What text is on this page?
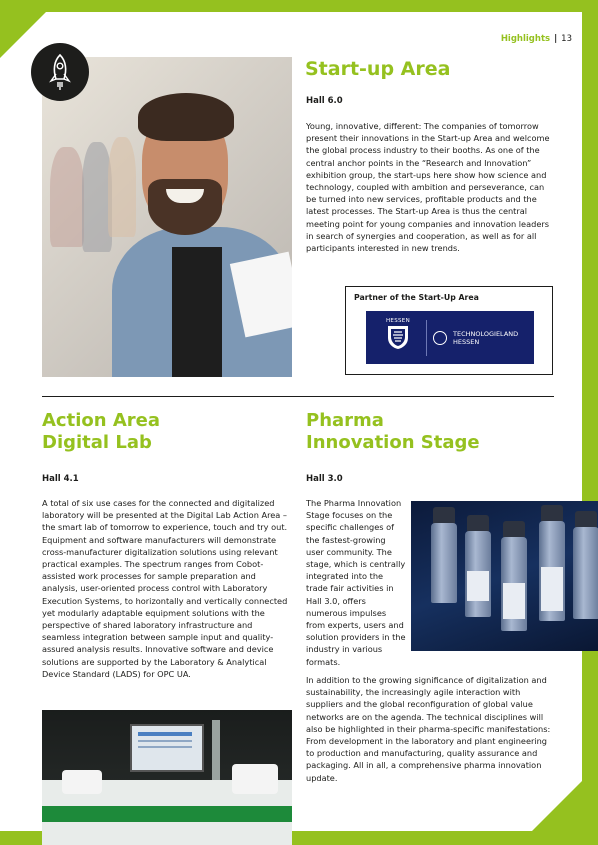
Highlights | 13
Start-up Area

Hall 6.0

Young, innovative, different: The companies of tomorrow present their innovations in the Start-up Area and welcome the global process industry to their booths. As one of the central anchor points in the “Research and Innovation” exhibition group, the start-ups here show how science and technology, coupled with ambition and perseverance, can be turned into new services, profitable products and the latest processes. The Start-up Area is thus the central meeting point for young companies and innovation leaders in search of synergies and cooperation, as well as for all participants interested in new trends.

Partner of the Start-Up Area

HESSEN
TECHNOLOGIELAND
HESSEN
Action Area
Digital Lab

Hall 4.1

A total of six use cases for the connected and digitalized laboratory will be presented at the Digital Lab Action Area – the smart lab of tomorrow to experience, touch and try out. Equipment and software manufacturers will demonstrate cross-manufacturer digitalization solutions using relevant practical examples. The spectrum ranges from Cobot-assisted work processes for sample preparation and analysis, user-oriented process control with Laboratory Execution Systems, to horizontally and vertically connected yet modularly adaptable equipment solutions with the perspective of shared laboratory infrastructure and seamless integration between sample input and quality-assured analysis results. Innovative software and device solutions are supported by the Laboratory & Analytical Device Standard (LADS) for OPC UA.

Pharma
Innovation Stage

Hall 3.0

The Pharma Innovation Stage focuses on the specific challenges of the fastest-growing user community. The stage, which is centrally integrated into the trade fair activities in Hall 3.0, offers numerous impulses from experts, users and solution providers in the industry in various formats.

In addition to the growing significance of digitalization and sustainability, the increasingly agile interaction with suppliers and the global reconfiguration of global value networks are on the agenda. The technical disciplines will also be highlighted in their pharma-specific manifestations: From development in the laboratory and plant engineering to production and manufacturing, quality assurance and packaging. All in all, a comprehensive pharma innovation update.
